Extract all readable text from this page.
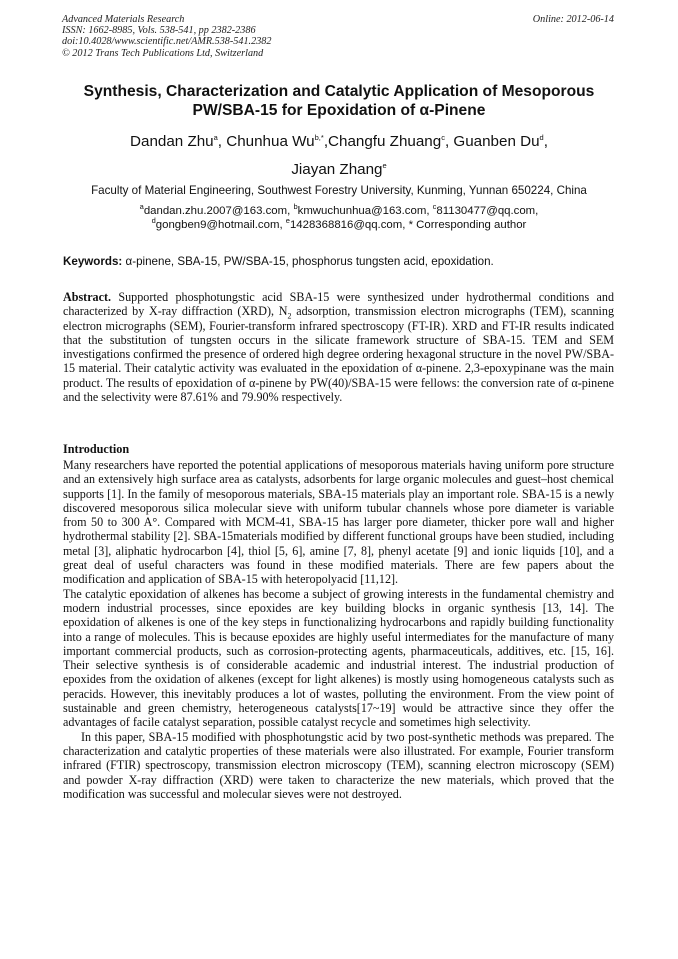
Advanced Materials Research
ISSN: 1662-8985, Vols. 538-541, pp 2382-2386
doi:10.4028/www.scientific.net/AMR.538-541.2382
© 2012 Trans Tech Publications Ltd, Switzerland
Online: 2012-06-14
Synthesis, Characterization and Catalytic Application of Mesoporous
PW/SBA-15 for Epoxidation of α-Pinene
Dandan Zhu$^a$, Chunhua $Wu^{b,*},Changfu$ Zhuang$^c$, Guanben Du$^d$,
Jiayan Zhang$^e$
Faculty of Material Engineering, Southwest Forestry University, Kunming, Yunnan 650224, China
$^a$dandan.zhu.2007@163.com, $^b$kmwuchunhua@163.com, $^c$81130477@qq.com,
$^d$gongben9@hotmail.com, $^e$1428368816@qq.com, * Corresponding author
Keywords: α-pinene, SBA-15, PW/SBA-15, phosphorus tungsten acid, epoxidation.
Abstract. Supported phosphotungstic acid SBA-15 were synthesized under hydrothermal conditions and characterized by X-ray diffraction (XRD), $N_2$ adsorption, transmission electron micrographs (TEM), scanning electron micrographs (SEM), Fourier-transform infrared spectroscopy (FT-IR). XRD and FT-IR results indicated that the substitution of tungsten occurs in the silicate framework structure of SBA-15. TEM and SEM investigations confirmed the presence of ordered high degree ordering hexagonal structure in the novel PW/SBA-15 material. Their catalytic activity was evaluated in the epoxidation of α-pinene. 2,3-epoxypinane was the main product. The results of epoxidation of α-pinene by PW(40)/SBA-15 were fellows: the conversion rate of α-pinene and the selectivity were 87.61% and 79.90% respectively.
Introduction

Many researchers have reported the potential applications of mesoporous materials having uniform pore structure and an extensively high surface area as catalysts, adsorbents for large organic molecules and guest–host chemical supports [1]. In the family of mesoporous materials, SBA-15 materials play an important role. SBA-15 is a newly discovered mesoporous silica molecular sieve with uniform tubular channels whose pore diameter is variable from 50 to 300 A°. Compared with MCM-41, SBA-15 has larger pore diameter, thicker pore wall and higher hydrothermal stability [2]. SBA-15materials modified by different functional groups have been studied, including metal [3], aliphatic hydrocarbon [4], thiol [5, 6], amine [7, 8], phenyl acetate [9] and ionic liquids [10], and a great deal of useful characters was found in these modified materials. There are few papers about the modification and application of SBA-15 with heteropolyacid [11,12].

The catalytic epoxidation of alkenes has become a subject of growing interests in the fundamental chemistry and modern industrial processes, since epoxides are key building blocks in organic synthesis [13, 14]. The epoxidation of alkenes is one of the key steps in functionalizing hydrocarbons and rapidly building functionality into a range of molecules. This is because epoxides are highly useful intermediates for the manufacture of many important commercial products, such as corrosion-protecting agents, pharmaceuticals, additives, etc. [15, 16]. Their selective synthesis is of considerable academic and industrial interest. The industrial production of epoxides from the oxidation of alkenes (except for light alkenes) is mostly using homogeneous catalysts such as peracids. However, this inevitably produces a lot of wastes, polluting the environment. From the view point of sustainable and green chemistry, heterogeneous catalysts[17~19] would be attractive since they offer the advantages of facile catalyst separation, possible catalyst recycle and sometimes high selectivity.

In this paper, SBA-15 modified with phosphotungstic acid by two post-synthetic methods was prepared. The characterization and catalytic properties of these materials were also illustrated. For example, Fourier transform infrared (FTIR) spectroscopy, transmission electron microscopy (TEM), scanning electron microscopy (SEM) and powder X-ray diffraction (XRD) were taken to characterize the new materials, which proved that the modification was successful and molecular sieves were not destroyed.
